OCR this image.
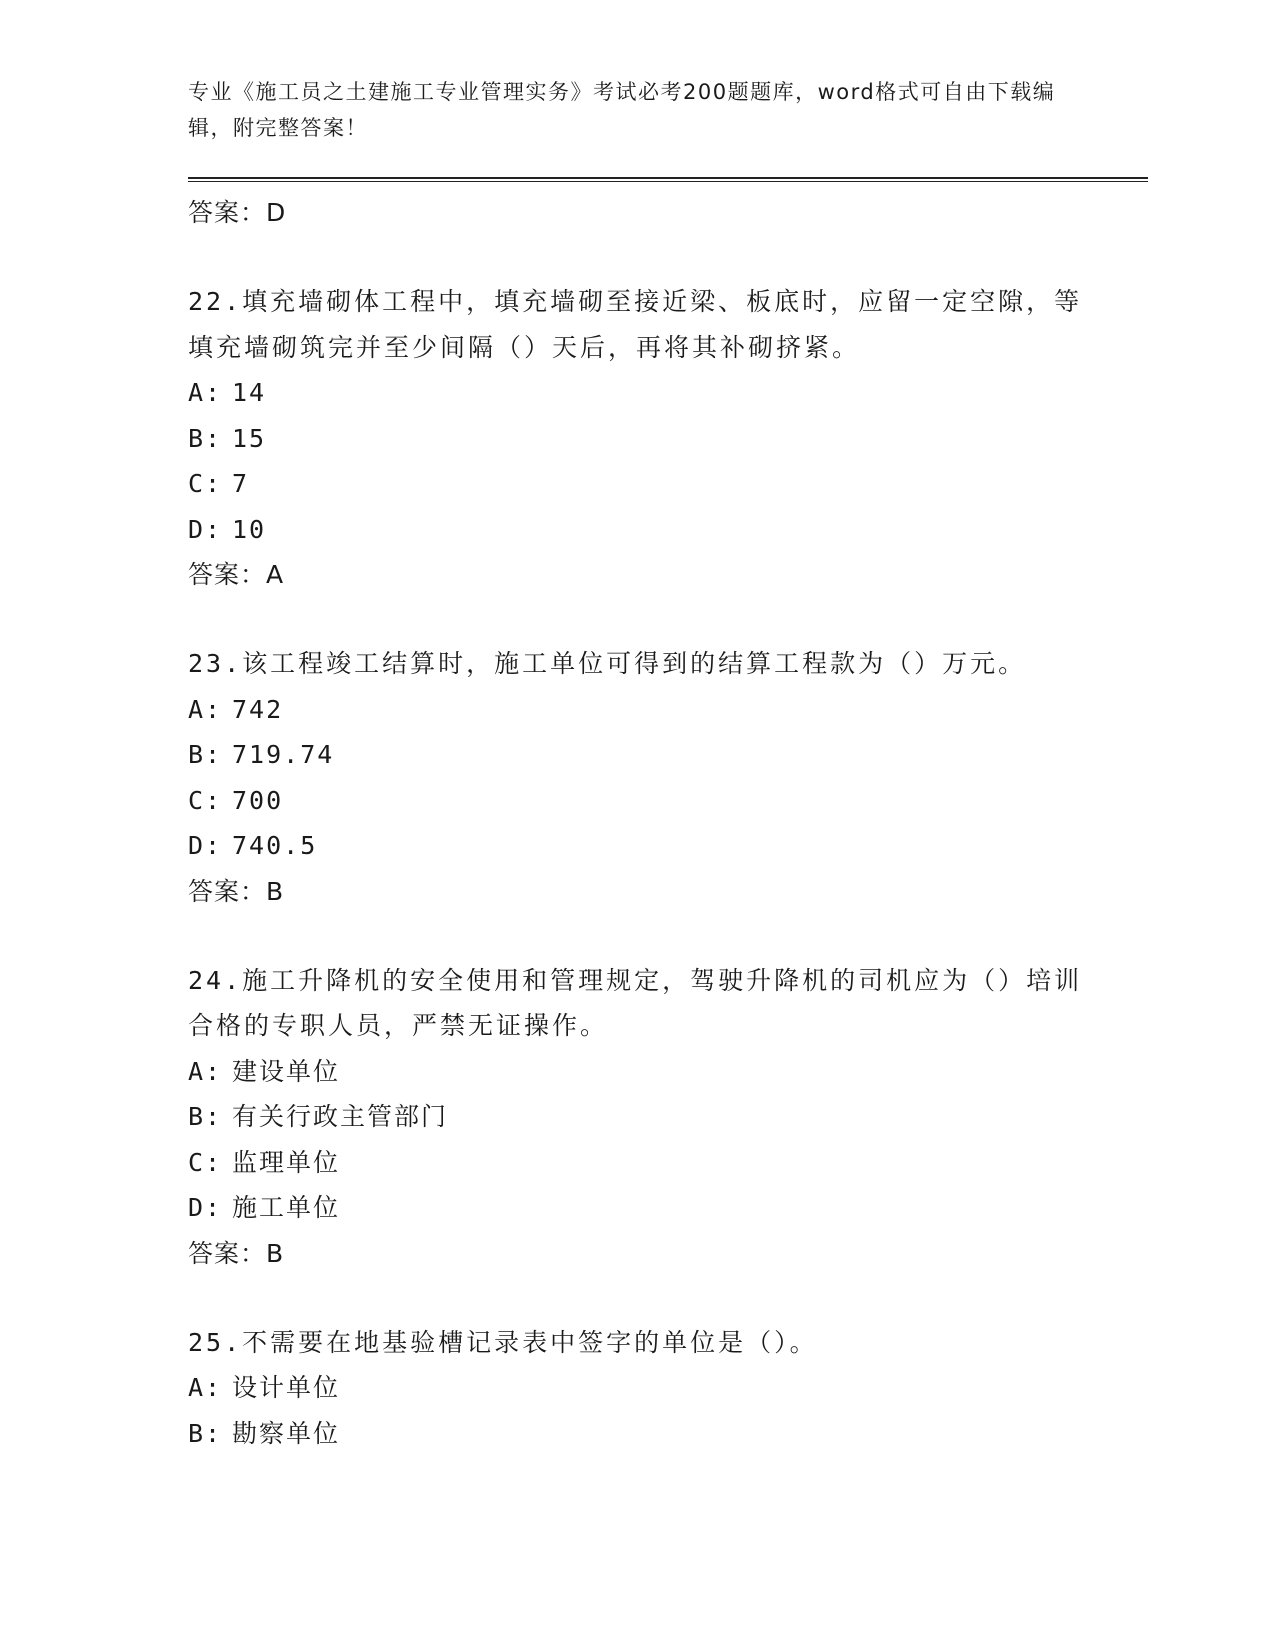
专业《施工员之土建施工专业管理实务》考试必考200题题库，word格式可自由下载编辑，附完整答案！
答案：D

22.填充墙砌体工程中，填充墙砌至接近梁、板底时，应留一定空隙，等填充墙砌筑完并至少间隔（）天后，再将其补砌挤紧。

A: 14
B: 15
C: 7
D: 10
答案：A

23.该工程竣工结算时，施工单位可得到的结算工程款为（）万元。

A: 742
B: 719.74
C: 700
D: 740.5
答案：B

24.施工升降机的安全使用和管理规定，驾驶升降机的司机应为（）培训合格的专职人员，严禁无证操作。

A: 建设单位
B: 有关行政主管部门
C: 监理单位
D: 施工单位
答案：B

25.不需要在地基验槽记录表中签字的单位是（）。

A: 设计单位
B: 勘察单位
